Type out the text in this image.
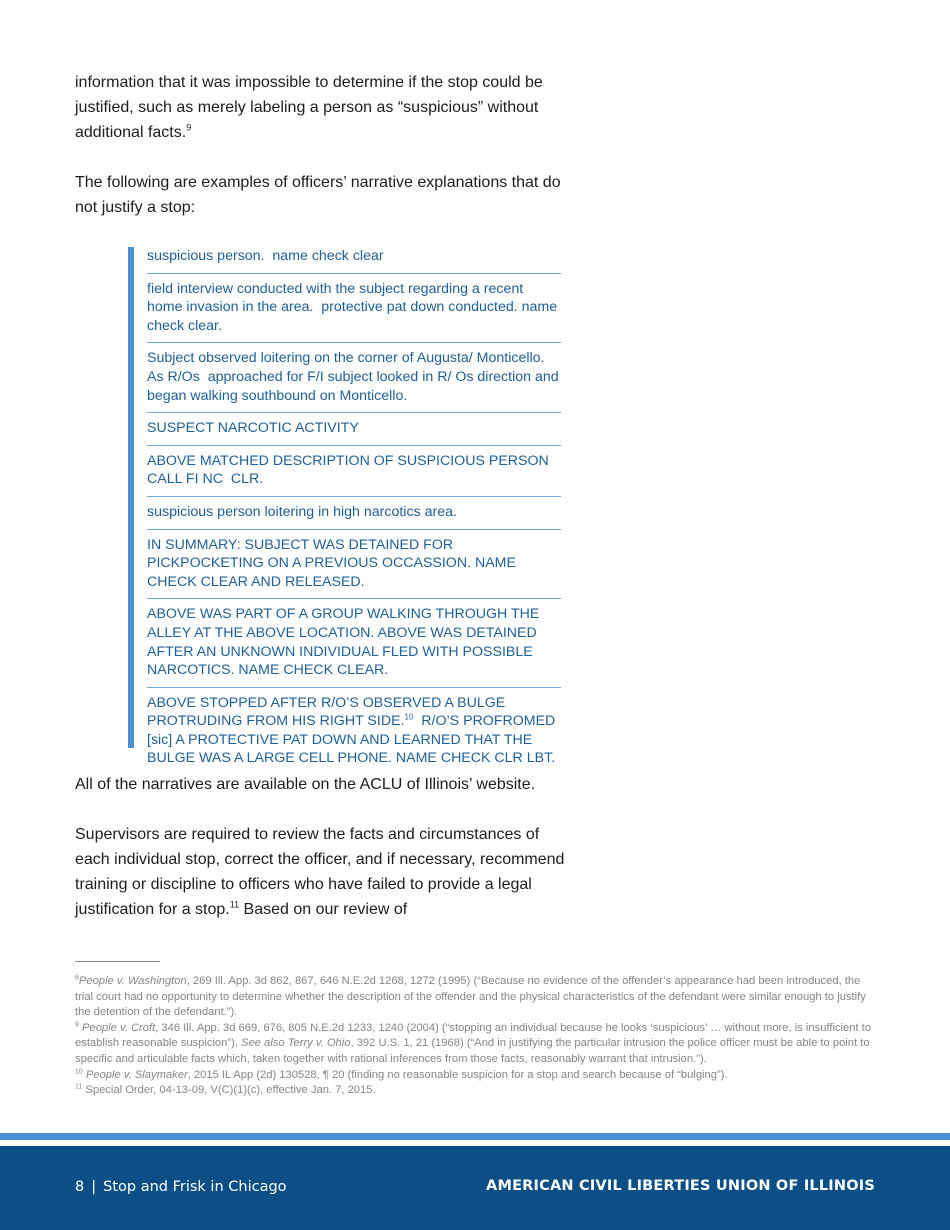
information that it was impossible to determine if the stop could be justified, such as merely labeling a person as “suspicious” without additional facts.$^9$
The following are examples of officers’ narrative explanations that do not justify a stop:
suspicious person.  name check clear
field interview conducted with the subject regarding a recent home invasion in the area.  protective pat down conducted. name check clear.
Subject observed loitering on the corner of Augusta/ Monticello. As R/Os  approached for F/I subject looked in R/ Os direction and began walking southbound on Monticello.
SUSPECT NARCOTIC ACTIVITY
ABOVE MATCHED DESCRIPTION OF SUSPICIOUS PERSON CALL FI NC  CLR.
suspicious person loitering in high narcotics area.
IN SUMMARY: SUBJECT WAS DETAINED FOR PICKPOCKETING ON A PREVIOUS OCCASSION. NAME CHECK CLEAR AND RELEASED.
ABOVE WAS PART OF A GROUP WALKING THROUGH THE ALLEY AT THE ABOVE LOCATION. ABOVE WAS DETAINED AFTER AN UNKNOWN INDIVIDUAL FLED WITH POSSIBLE NARCOTICS. NAME CHECK CLEAR.
ABOVE STOPPED AFTER R/O’S OBSERVED A BULGE PROTRUDING FROM HIS RIGHT SIDE.$^{10}$  R/O’S PROFROMED [sic] A PROTECTIVE PAT DOWN AND LEARNED THAT THE BULGE WAS A LARGE CELL PHONE. NAME CHECK CLR LBT.
All of the narratives are available on the ACLU of Illinois’ website.
Supervisors are required to review the facts and circumstances of each individual stop, correct the officer, and if necessary, recommend training or discipline to officers who have failed to provide a legal justification for a stop.$^{11}$ Based on our review of
$^8$People v. Washington, 269 Ill. App. 3d 862, 867, 646 N.E.2d 1268, 1272 (1995) (“Because no evidence of the offender’s appearance had been introduced, the trial court had no opportunity to determine whether the description of the offender and the physical characteristics of the defendant were similar enough to justify the detention of the defendant.”).
$^9$ People v. Croft, 346 Ill. App. 3d 669, 676, 805 N.E.2d 1233, 1240 (2004) (“stopping an individual because he looks ‘suspicious’ … without more, is insufficient to establish reasonable suspicion”). See also Terry v. Ohio, 392 U.S. 1, 21 (1968) (“And in justifying the particular intrusion the police officer must be able to point to specific and articulable facts which, taken together with rational inferences from those facts, reasonably warrant that intrusion.”).
$^{10}$ People v. Slaymaker, 2015 IL App (2d) 130528, ¶ 20 (finding no reasonable suspicion for a stop and search because of “bulging”).
$^{11}$ Special Order, 04-13-09, V(C)(1)(c), effective Jan. 7, 2015.
8 | Stop and Frisk in Chicago	AMERICAN CIVIL LIBERTIES UNION OF ILLINOIS
